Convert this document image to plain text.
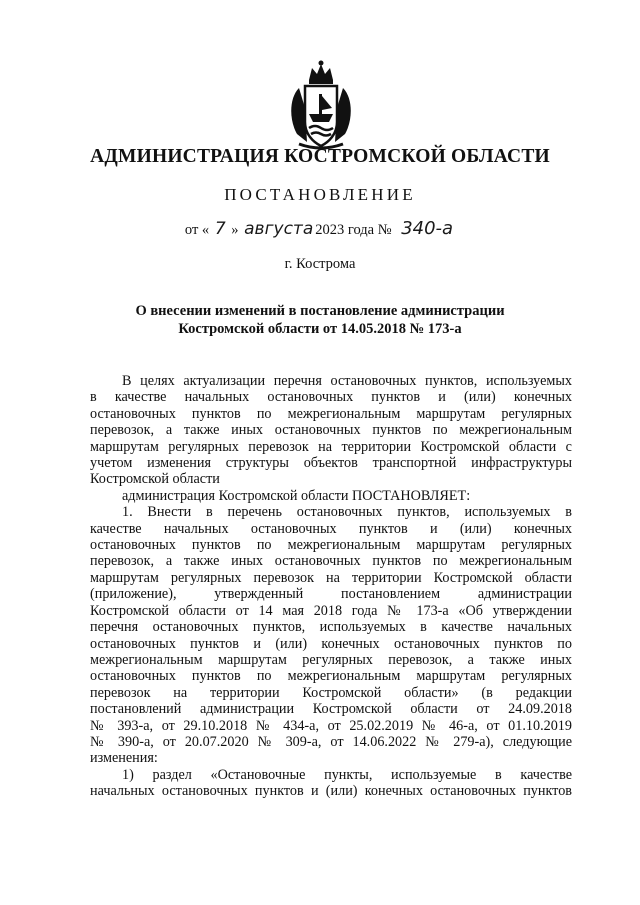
АДМИНИСТРАЦИЯ КОСТРОМСКОЙ ОБЛАСТИ
ПОСТАНОВЛЕНИЕ
от « 7 » августа 2023 года № 340-а
г. Кострома
О внесении изменений в постановление администрации
Костромской области от 14.05.2018 № 173-а
В целях актуализации перечня остановочных пунктов, используемых
в качестве начальных остановочных пунктов и (или) конечных
остановочных пунктов по межрегиональным маршрутам регулярных
перевозок, а также иных остановочных пунктов по межрегиональным
маршрутам регулярных перевозок на территории Костромской области с
учетом изменения структуры объектов транспортной инфраструктуры
Костромской области
администрация Костромской области ПОСТАНОВЛЯЕТ:
1. Внести в перечень остановочных пунктов, используемых в
качестве начальных остановочных пунктов и (или) конечных
остановочных пунктов по межрегиональным маршрутам регулярных
перевозок, а также иных остановочных пунктов по межрегиональным
маршрутам регулярных перевозок на территории Костромской области
(приложение), утвержденный постановлением администрации
Костромской области от 14 мая 2018 года № 173-а «Об утверждении
перечня остановочных пунктов, используемых в качестве начальных
остановочных пунктов и (или) конечных остановочных пунктов по
межрегиональным маршрутам регулярных перевозок, а также иных
остановочных пунктов по межрегиональным маршрутам регулярных
перевозок на территории Костромской области» (в редакции
постановлений администрации Костромской области от 24.09.2018
№ 393-а, от 29.10.2018 № 434-а, от 25.02.2019 № 46-а, от 01.10.2019
№ 390-а, от 20.07.2020 № 309-а, от 14.06.2022 № 279-а), следующие
изменения:
1) раздел «Остановочные пункты, используемые в качестве
начальных остановочных пунктов и (или) конечных остановочных пунктов
